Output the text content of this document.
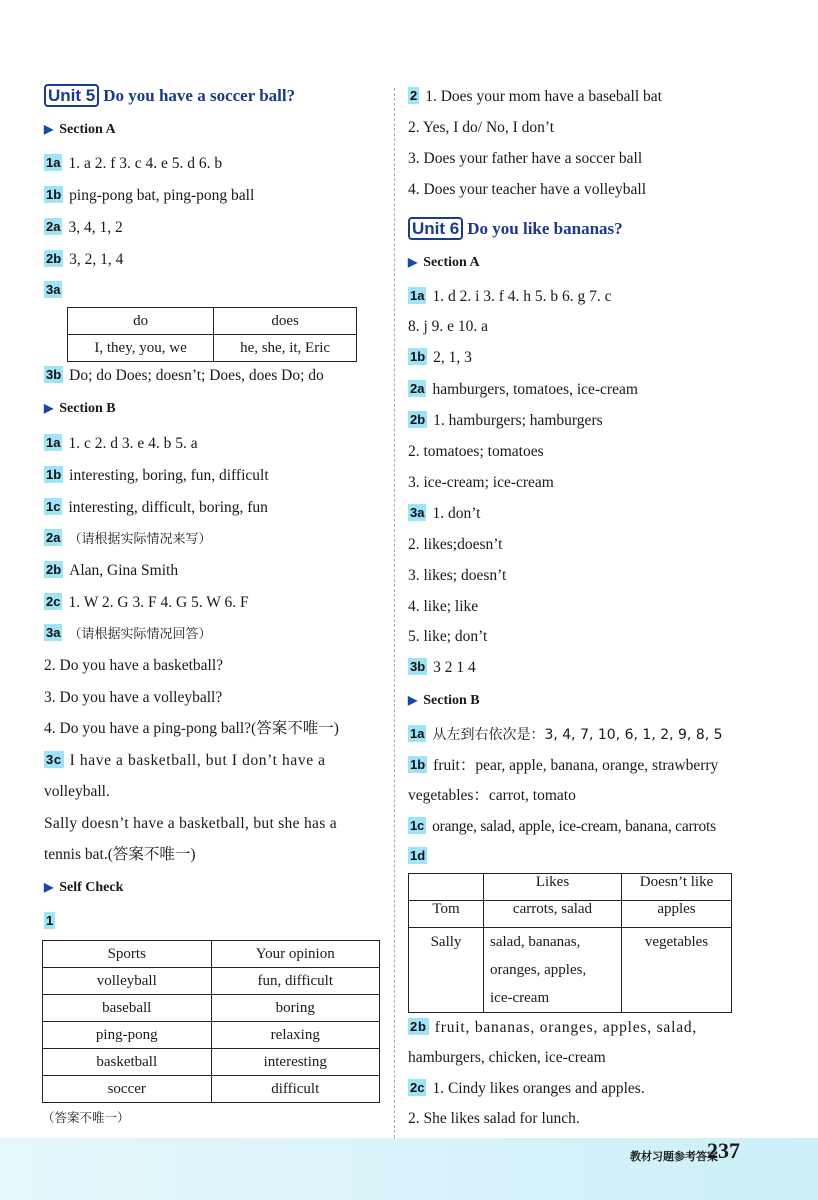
Unit 5 Do you have a soccer ball?
▶ Section A
1a 1. a 2. f 3. c 4. e 5. d 6. b
1b ping-pong bat, ping-pong ball
2a 3, 4, 1, 2
2b 3, 2, 1, 4
3a
do	does
I, they, you, we	he, she, it, Eric
3b Do; do Does; doesn’t; Does, does Do; do
▶ Section B
1a 1. c 2. d 3. e 4. b 5. a
1b interesting, boring, fun, difficult
1c interesting, difficult, boring, fun
2a （请根据实际情况来写）
2b Alan, Gina Smith
2c 1. W 2. G 3. F 4. G 5. W 6. F
3a （请根据实际情况回答）
2. Do you have a basketball?
3. Do you have a volleyball?
4. Do you have a ping-pong ball?(答案不唯一)
3c I have a basketball, but I don’t have a
volleyball.
Sally doesn’t have a basketball, but she has a
tennis bat.(答案不唯一)
▶ Self Check
1
Sports	Your opinion
volleyball	fun, difficult
baseball	boring
ping-pong	relaxing
basketball	interesting
soccer	difficult
（答案不唯一）
2 1. Does your mom have a baseball bat
2. Yes, I do/ No, I don’t
3. Does your father have a soccer ball
4. Does your teacher have a volleyball
Unit 6 Do you like bananas?
▶ Section A
1a 1. d 2. i 3. f 4. h 5. b 6. g 7. c
8. j 9. e 10. a
1b 2, 1, 3
2a hamburgers, tomatoes, ice-cream
2b 1. hamburgers; hamburgers
2. tomatoes; tomatoes
3. ice-cream; ice-cream
3a 1. don’t
2. likes;doesn’t
3. likes; doesn’t
4. like; like
5. like; don’t
3b 3 2 1 4
▶ Section B
1a 从左到右依次是：3, 4, 7, 10, 6, 1, 2, 9, 8, 5
1b fruit：pear, apple, banana, orange, strawberry
vegetables：carrot, tomato
1c orange, salad, apple, ice-cream, banana, carrots
1d
	Likes	Doesn’t like
Tom	carrots, salad	apples
Sally	salad, bananas,
oranges, apples,
ice-cream	vegetables
2b fruit, bananas, oranges, apples, salad,
hamburgers, chicken, ice-cream
2c 1. Cindy likes oranges and apples.
2. She likes salad for lunch.
教材习题参考答案
237
